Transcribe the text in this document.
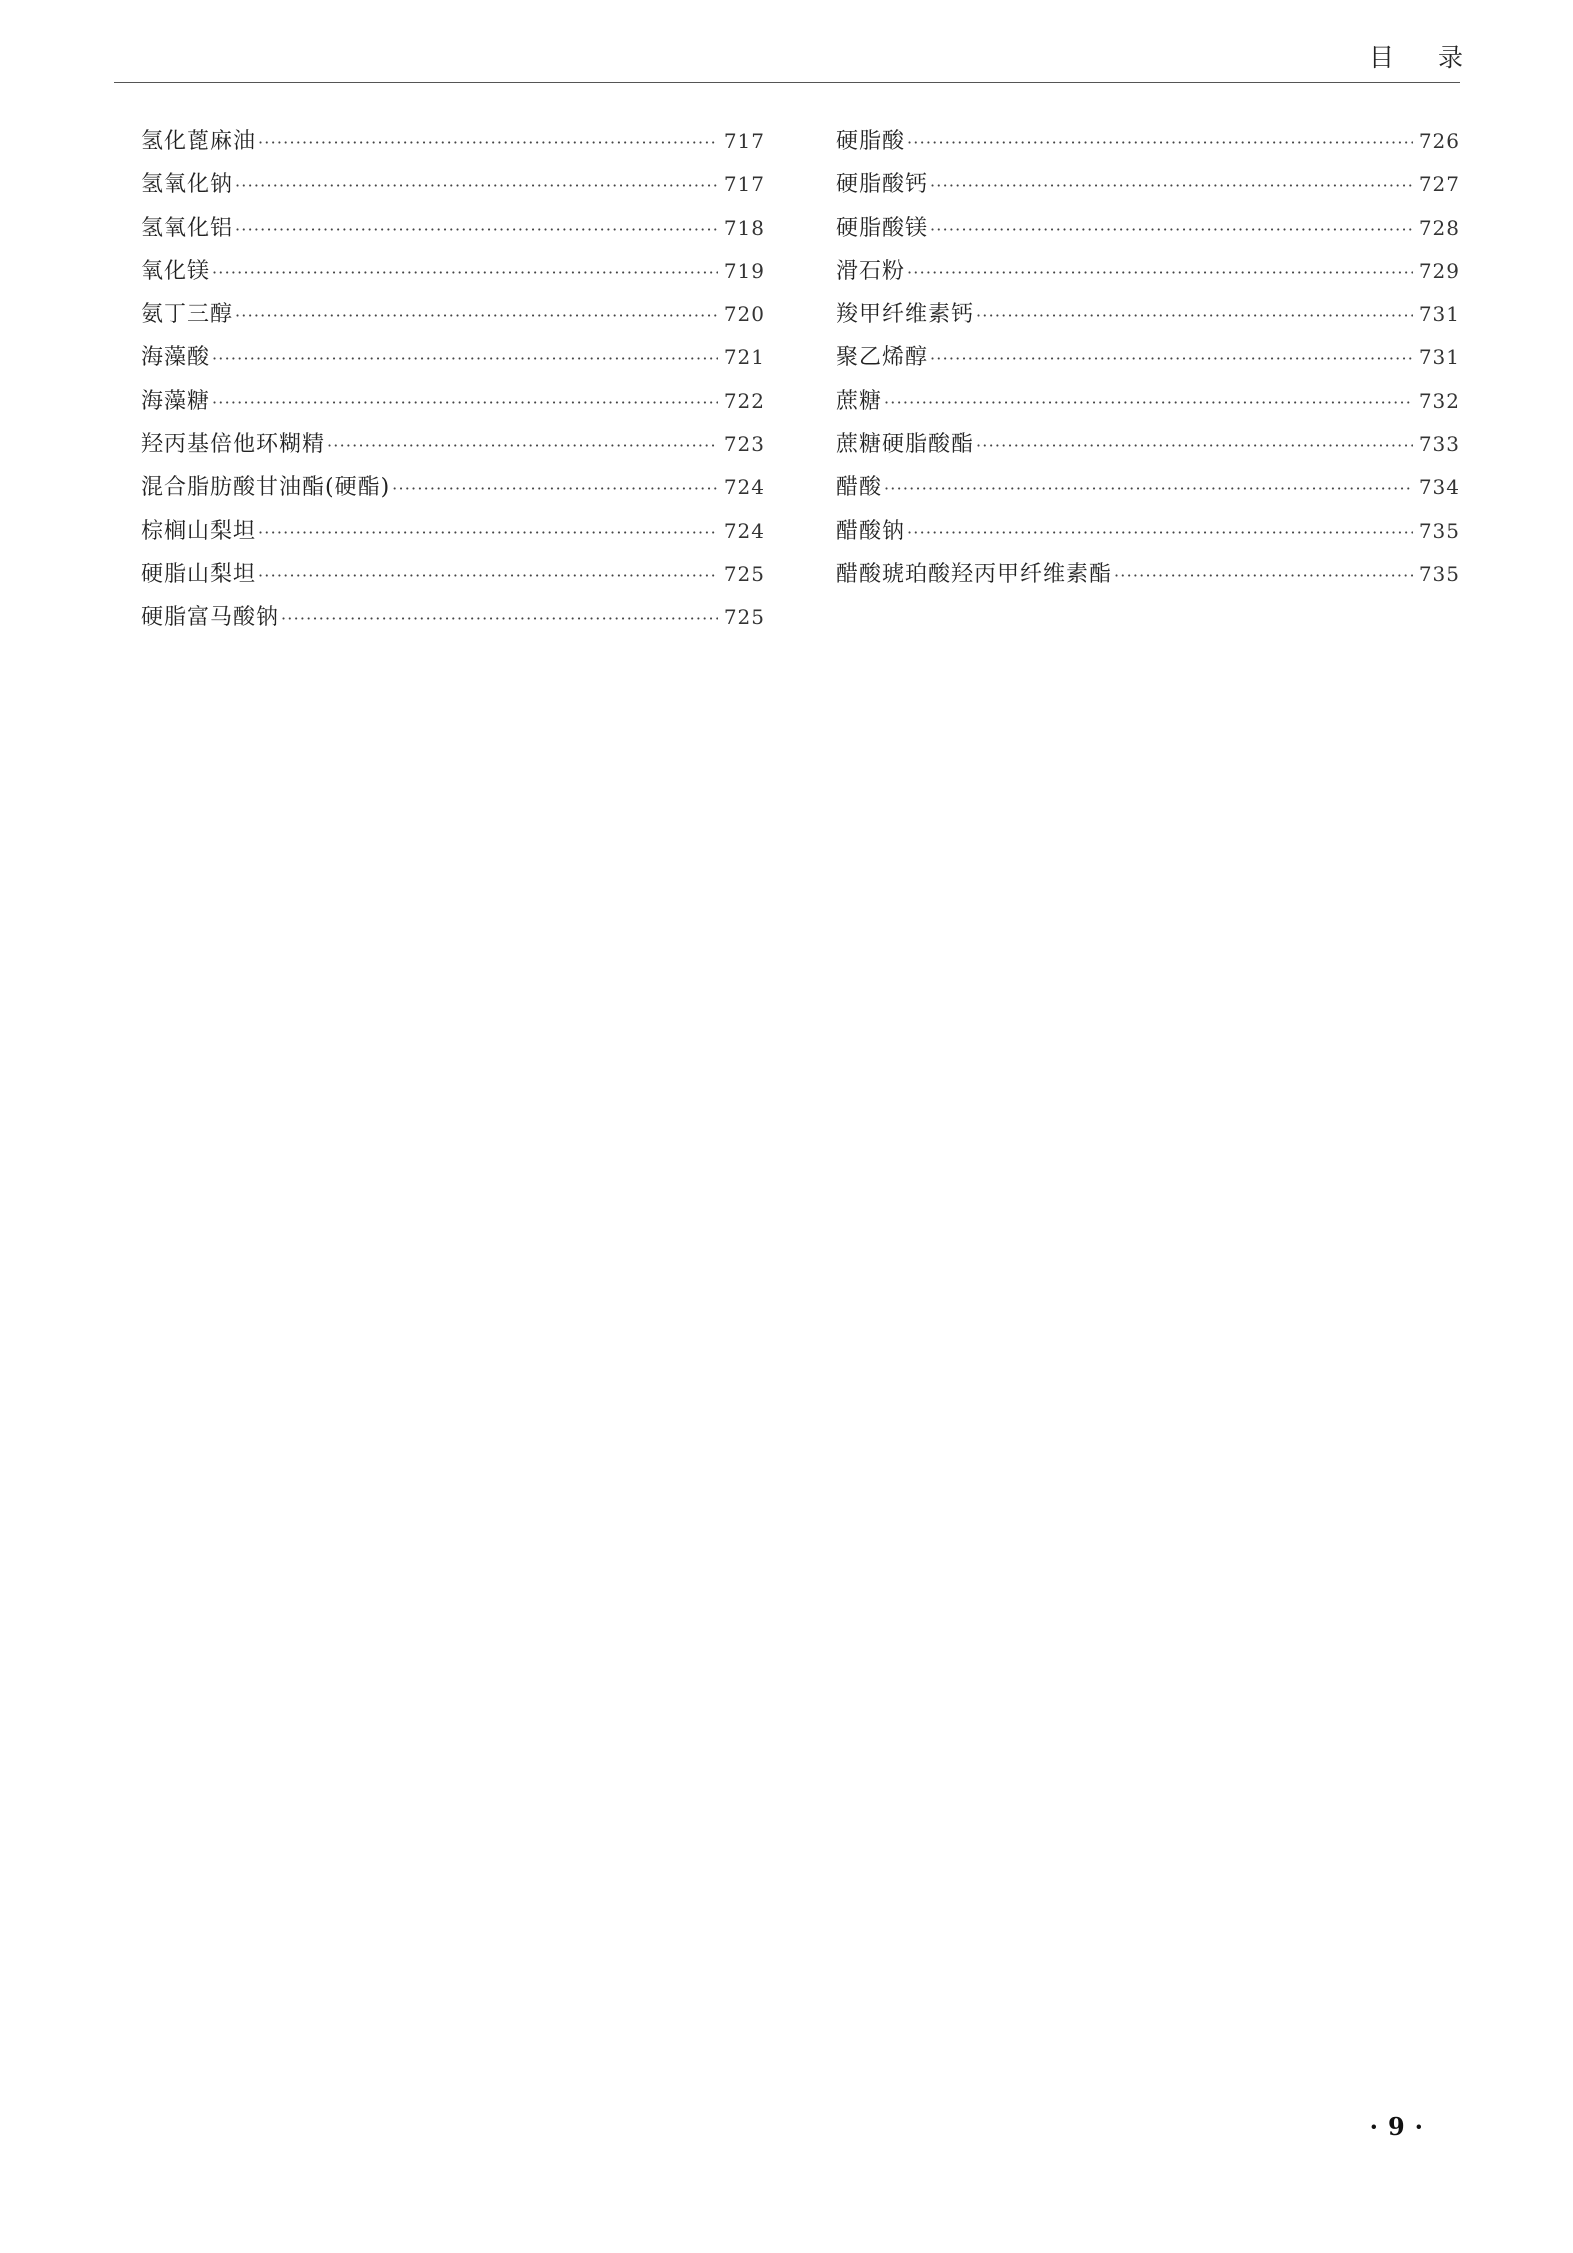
目录
氢化蓖麻油 ·····	717
氢氧化钠 ·····	717
氢氧化铝 ·····	718
氧化镁 ·····	719
氨丁三醇 ·····	720
海藻酸 ·····	721
海藻糖 ·····	722
羟丙基倍他环糊精 ·····	723
混合脂肪酸甘油酯(硬酯) ·····	724
棕榈山梨坦 ·····	724
硬脂山梨坦 ·····	725
硬脂富马酸钠 ·····	725
硬脂酸 ·····	726
硬脂酸钙 ·····	727
硬脂酸镁 ·····	728
滑石粉 ·····	729
羧甲纤维素钙 ·····	731
聚乙烯醇 ·····	731
蔗糖 ·····	732
蔗糖硬脂酸酯 ·····	733
醋酸 ·····	734
醋酸钠 ·····	735
醋酸琥珀酸羟丙甲纤维素酯 ·····	735
· 9 ·
